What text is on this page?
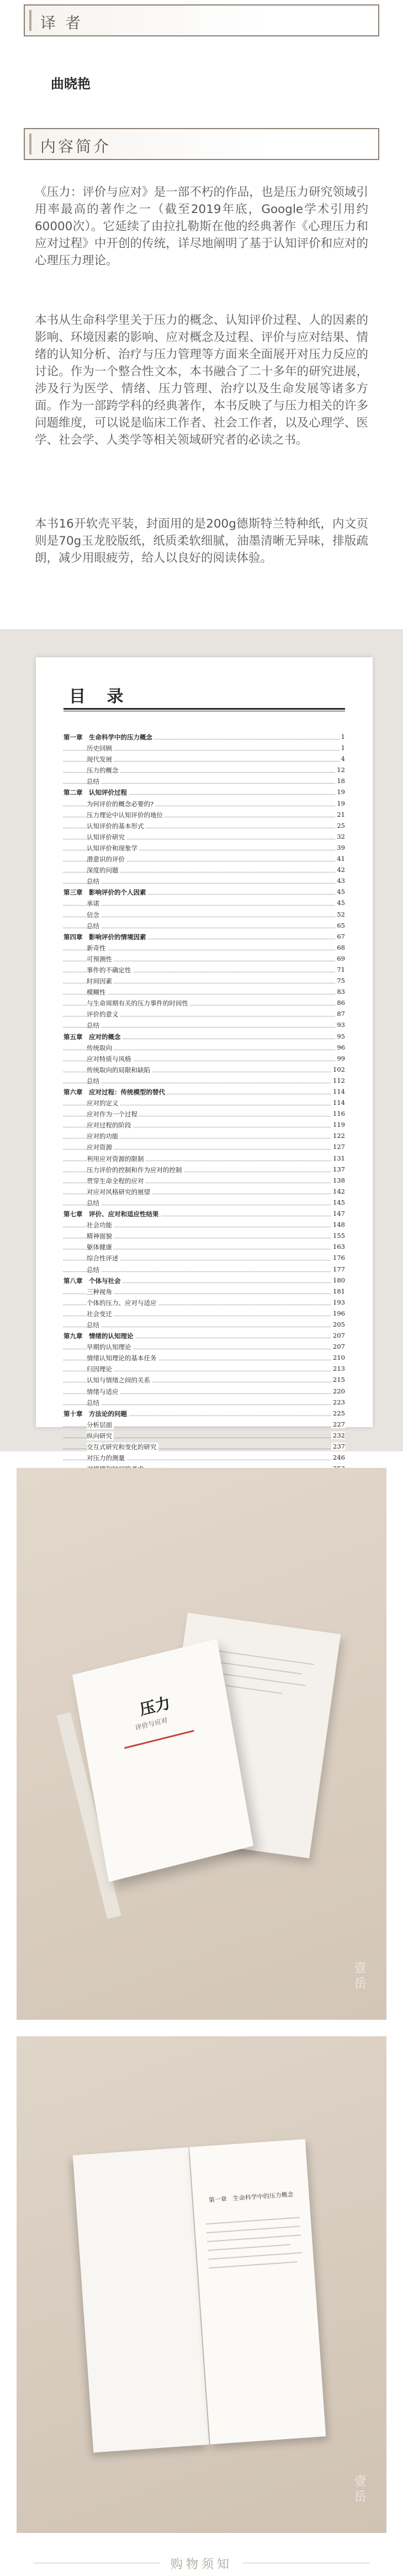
译 者
曲晓艳
内容简介
《压力：评价与应对》是一部不朽的作品，也是压力研究领域引用率最高的著作之一（截至2019年底，Google学术引用约60000次）。它延续了由拉扎勒斯在他的经典著作《心理压力和应对过程》中开创的传统，详尽地阐明了基于认知评价和应对的心理压力理论。
本书从生命科学里关于压力的概念、认知评价过程、人的因素的影响、环境因素的影响、应对概念及过程、评价与应对结果、情绪的认知分析、治疗与压力管理等方面来全面展开对压力反应的讨论。作为一个整合性文本，本书融合了二十多年的研究进展，涉及行为医学、情绪、压力管理、治疗以及生命发展等诸多方面。作为一部跨学科的经典著作，本书反映了与压力相关的许多问题维度，可以说是临床工作者、社会工作者，以及心理学、医学、社会学、人类学等相关领域研究者的必读之书。
本书16开软壳平装，封面用的是200g德斯特兰特种纸，内文页则是70g玉龙胶版纸，纸质柔软细腻，油墨清晰无异味，排版疏朗，减少用眼疲劳，给人以良好的阅读体验。
目 录
第一章　生命科学中的压力概念	1
历史回顾	1
现代发展	4
压力的概念	12
总结	18
第二章　认知评价过程	19
为何评价的概念必要的?	19
压力理论中认知评价的地位	21
认知评价的基本形式	25
认知评价研究	32
认知评价和现象学	39
潜意识的评价	41
深度的问题	42
总结	43
第三章　影响评价的个人因素	45
承诺	45
信念	52
总结	65
第四章　影响评价的情境因素	67
新奇性	68
可预测性	69
事件的不确定性	71
时间因素	75
模糊性	83
与生命周期有关的压力事件的时间性	86
评价的意义	87
总结	93
第五章　应对的概念	95
传统取向	96
应对特质与风格	99
传统取向的局限和缺陷	102
总结	112
第六章　应对过程：传统模型的替代	114
应对的定义	114
应对作为一个过程	116
应对过程的阶段	119
应对的功能	122
应对资源	127
利用应对资源的限制	131
压力评价的控制和作为应对的控制	137
贯穿生命全程的应对	138
对应对风格研究的展望	142
总结	145
第七章　评价、应对和适应性结果	147
社会功能	148
精神面貌	155
躯体健康	163
综合性评述	176
总结	177
第八章　个体与社会	180
三种视角	181
个体的压力、应对与适应	193
社会变迁	196
总结	205
第九章　情绪的认知理论	207
早期的认知理论	207
情绪认知理论的基本任务	210
归因理论	213
认知与情绪之间的关系	215
情绪与适应	220
总结	223
第十章　方法论的问题	225
分析层面	227
纵向研究	232
交互式研究和变化的研究	237
对压力的测量	246
压力
评价与应对
壹岳
第一章　生命科学中的压力概念
壹岳
购物须知
